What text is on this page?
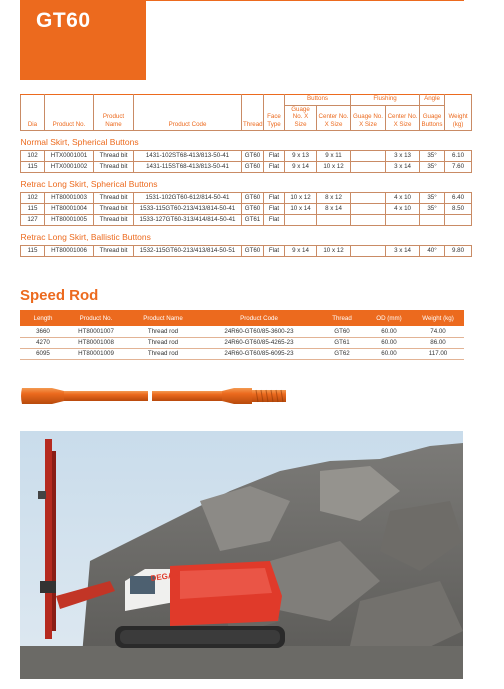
GT60
Dia	Product No.	Product Name	Product Code	Thread	Face Type	Buttons		Flushing		Angle	Weight (kg)
						Guage No. X Size	Center No. X Size	Guage No. X Size	Center No. X Size	Guage Buttons	
Normal Skirt, Spherical Buttons											
102	HTX0001001	Thread bit	1431-102ST68-413/813-50-41	GT60	Flat	9 x 13	9 x 11		3 x 13	35°	6.10
115	HTX0001002	Thread bit	1431-115ST68-413/813-50-41	GT60	Flat	9 x 14	10 x 12		3 x 14	35°	7.60
Retrac Long Skirt, Spherical Buttons											
102	HT80001003	Thread bit	1531-102GT60-612/814-50-41	GT60	Flat	10 x 12	8 x 12		4 x 10	35°	6.40
115	HT80001004	Thread bit	1533-115GT60-213/413/814-50-41	GT60	Flat	10 x 14	8 x 14		4 x 10	35°	8.50
127	HT80001005	Thread bit	1533-127GT60-313/414/814-50-41	GT61	Flat						
Retrac Long Skirt, Ballistic Buttons											
115	HT80001006	Thread bit	1532-115GT60-213/413/814-50-51	GT60	Flat	9 x 14	10 x 12		3 x 14	40°	9.80
Speed Rod
Length	Product No.	Product Name	Product Code	Thread	OD (mm)	Weight (kg)
3660	HT80001007	Thread rod	24R60-GT60/85-3600-23	GT60	60.00	74.00
4270	HT80001008	Thread rod	24R60-GT60/85-4265-23	GT61	60.00	86.00
6095	HT80001009	Thread rod	24R60-GT60/85-6095-23	GT62	60.00	117.00
DEGAN
